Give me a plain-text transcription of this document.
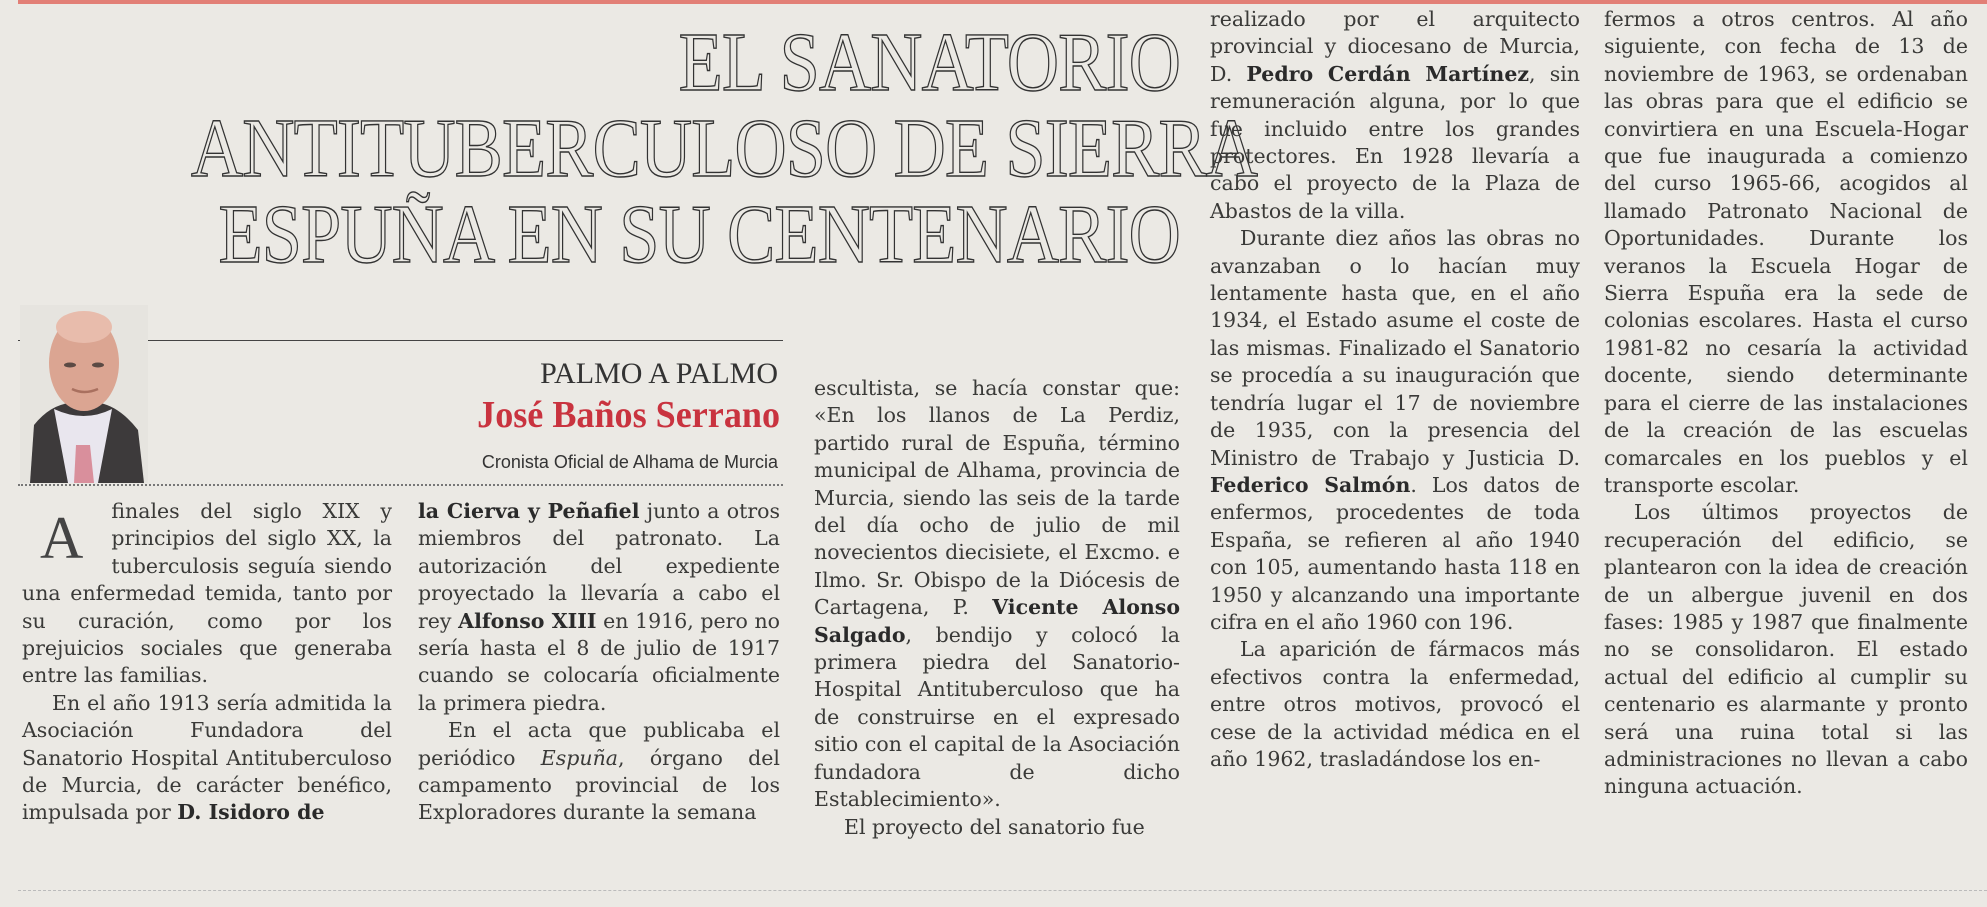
EL SANATORIO
ANTITUBERCULOSO DE SIERRA
ESPUÑA EN SU CENTENARIO
PALMO A PALMO
José Baños Serrano
Cronista Oficial de Alhama de Murcia

A finales del siglo XIX y principios del siglo XX, la tuberculosis seguía siendo una enfermedad temida, tanto por su curación, como por los prejuicios sociales que generaba entre las familias.

En el año 1913 sería admitida la Asociación Fundadora del Sanatorio Hospital Antituberculoso de Murcia, de carácter benéfico, impulsada por D. Isidoro de

la Cierva y Peñafiel junto a otros miembros del patronato. La autorización del expediente proyectado la llevaría a cabo el rey Alfonso XIII en 1916, pero no sería hasta el 8 de julio de 1917 cuando se colocaría oficialmente la primera piedra.

En el acta que publicaba el periódico Espuña, órgano del campamento provincial de los Exploradores durante la semana

escultista, se hacía constar que: «En los llanos de La Perdiz, partido rural de Espuña, término municipal de Alhama, provincia de Murcia, siendo las seis de la tarde del día ocho de julio de mil novecientos diecisiete, el Excmo. e Ilmo. Sr. Obispo de la Diócesis de Cartagena, P. Vicente Alonso Salgado, bendijo y colocó la primera piedra del Sanatorio-Hospital Antituberculoso que ha de construirse en el expresado sitio con el capital de la Asociación fundadora de dicho Establecimiento».

El proyecto del sanatorio fue

realizado por el arquitecto provincial y diocesano de Murcia, D. Pedro Cerdán Martínez, sin remuneración alguna, por lo que fue incluido entre los grandes protectores. En 1928 llevaría a cabo el proyecto de la Plaza de Abastos de la villa.

Durante diez años las obras no avanzaban o lo hacían muy lentamente hasta que, en el año 1934, el Estado asume el coste de las mismas. Finalizado el Sanatorio se procedía a su inauguración que tendría lugar el 17 de noviembre de 1935, con la presencia del Ministro de Trabajo y Justicia D. Federico Salmón. Los datos de enfermos, procedentes de toda España, se refieren al año 1940 con 105, aumentando hasta 118 en 1950 y alcanzando una importante cifra en el año 1960 con 196.

La aparición de fármacos más efectivos contra la enfermedad, entre otros motivos, provocó el cese de la actividad médica en el año 1962, trasladándose los en-

fermos a otros centros. Al año siguiente, con fecha de 13 de noviembre de 1963, se ordenaban las obras para que el edificio se convirtiera en una Escuela-Hogar que fue inaugurada a comienzo del curso 1965-66, acogidos al llamado Patronato Nacional de Oportunidades. Durante los veranos la Escuela Hogar de Sierra Espuña era la sede de colonias escolares. Hasta el curso 1981-82 no cesaría la actividad docente, siendo determinante para el cierre de las instalaciones de la creación de las escuelas comarcales en los pueblos y el transporte escolar.

Los últimos proyectos de recuperación del edificio, se plantearon con la idea de creación de un albergue juvenil en dos fases: 1985 y 1987 que finalmente no se consolidaron. El estado actual del edificio al cumplir su centenario es alarmante y pronto será una ruina total si las administraciones no llevan a cabo ninguna actuación.
